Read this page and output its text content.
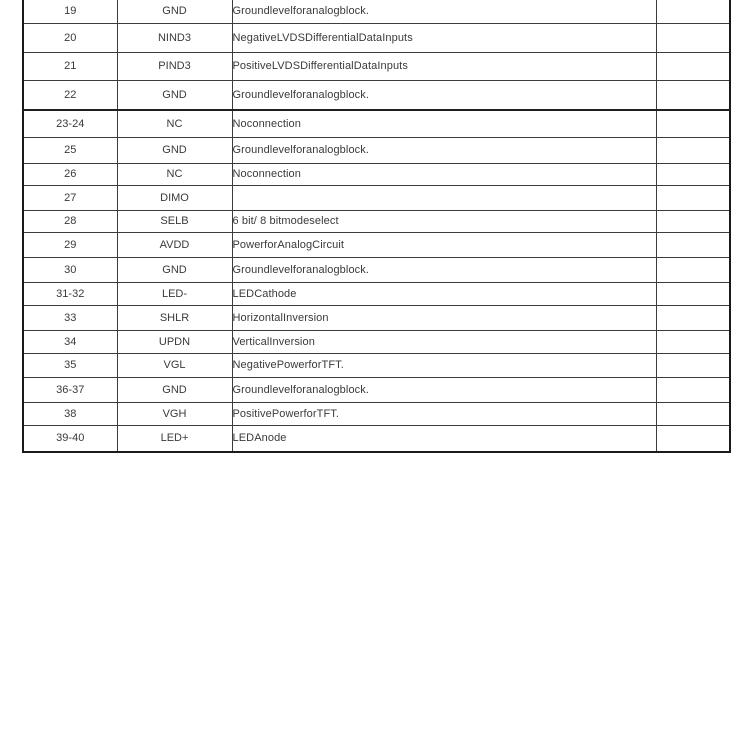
19	GND	Groundlevelforanalogblock.	
20	NIND3	NegativeLVDSDifferentialDataInputs	
21	PIND3	PositiveLVDSDifferentialDataInputs	
22	GND	Groundlevelforanalogblock.	
23-24	NC	Noconnection	
25	GND	Groundlevelforanalogblock.	
26	NC	Noconnection	
27	DIMO		
28	SELB	6 bit/ 8 bitmodeselect	
29	AVDD	PowerforAnalogCircuit	
30	GND	Groundlevelforanalogblock.	
31-32	LED-	LEDCathode	
33	SHLR	HorizontalInversion	
34	UPDN	VerticalInversion	
35	VGL	NegativePowerforTFT.	
36-37	GND	Groundlevelforanalogblock.	
38	VGH	PositivePowerforTFT.	
39-40	LED+	LEDAnode	
